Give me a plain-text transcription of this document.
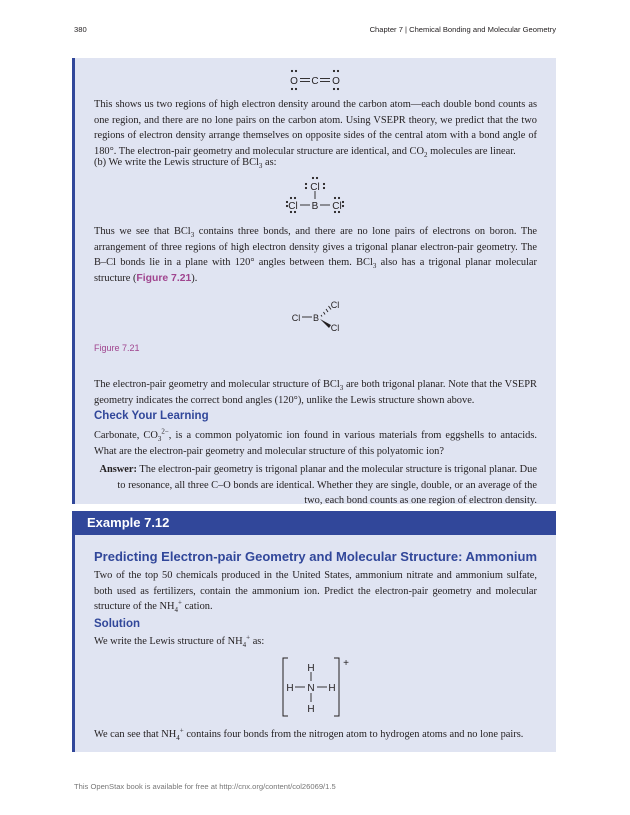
380	Chapter 7 | Chemical Bonding and Molecular Geometry
O C O

This shows us two regions of high electron density around the carbon atom—each double bond counts as one region, and there are no lone pairs on the carbon atom. Using VSEPR theory, we predict that the two regions of electron density arrange themselves on opposite sides of the central atom with a bond angle of 180°. The electron-pair geometry and molecular structure are identical, and $CO_2$ molecules are linear.

(b) We write the Lewis structure of BCl$_3$ as:

Cl
Cl B Cl

Thus we see that BCl$_3$ contains three bonds, and there are no lone pairs of electrons on boron. The arrangement of three regions of high electron density gives a trigonal planar electron-pair geometry. The B–Cl bonds lie in a plane with 120° angles between them. BCl$_3$ also has a trigonal planar molecular structure (Figure 7.21).

Cl B
Cl
Cl
Figure 7.21

The electron-pair geometry and molecular structure of BCl$_3$ are both trigonal planar. Note that the VSEPR geometry indicates the correct bond angles (120°), unlike the Lewis structure shown above.

Check Your Learning

Carbonate, $CO_3^{2-}$, is a common polyatomic ion found in various materials from eggshells to antacids. What are the electron-pair geometry and molecular structure of this polyatomic ion?

Answer: The electron-pair geometry is trigonal planar and the molecular structure is trigonal planar. Due to resonance, all three C–O bonds are identical. Whether they are single, double, or an average of the two, each bond counts as one region of electron density.

Example 7.12
Predicting Electron-pair Geometry and Molecular Structure: Ammonium

Two of the top 50 chemicals produced in the United States, ammonium nitrate and ammonium sulfate, both used as fertilizers, contain the ammonium ion. Predict the electron-pair geometry and molecular structure of the $NH_4^+$ cation.

Solution

We write the Lewis structure of $NH_4^+$ as:

H
H N H
H
+

We can see that $NH_4^+$ contains four bonds from the nitrogen atom to hydrogen atoms and no lone pairs.

This OpenStax book is available for free at http://cnx.org/content/col26069/1.5
